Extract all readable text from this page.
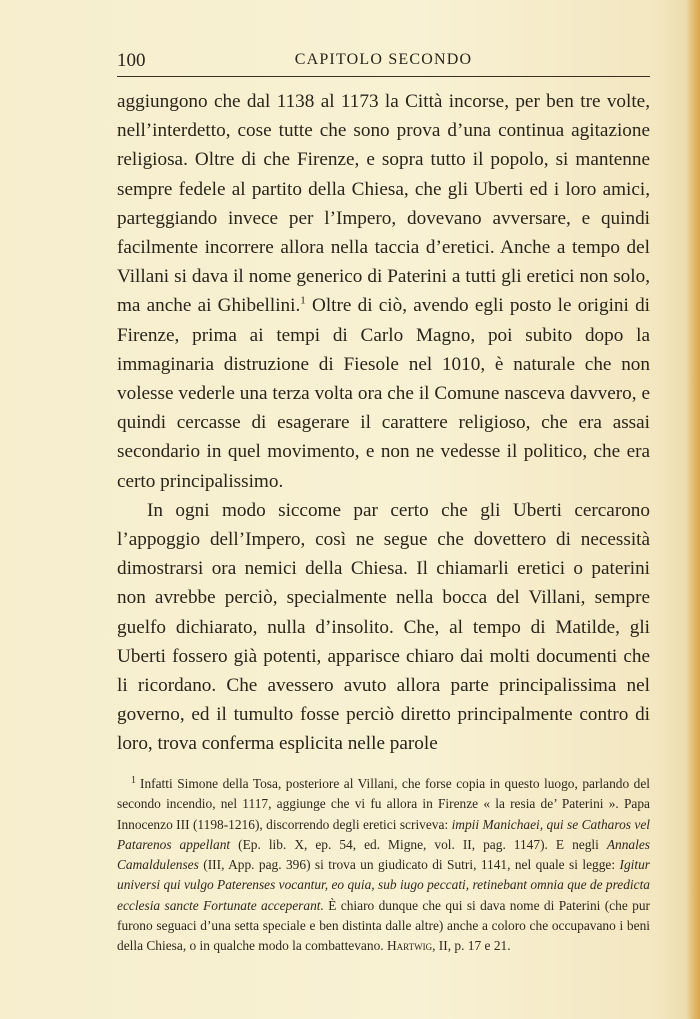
100	CAPITOLO SECONDO

aggiungono che dal 1138 al 1173 la Città incorse, per ben tre volte, nell’interdetto, cose tutte che sono prova d’una continua agitazione religiosa. Oltre di che Firenze, e sopra tutto il popolo, si mantenne sempre fedele al partito della Chiesa, che gli Uberti ed i loro amici, parteggiando invece per l’Impero, dovevano avversare, e quindi facilmente incorrere allora nella taccia d’eretici. Anche a tempo del Villani si dava il nome generico di Paterini a tutti gli eretici non solo, ma anche ai Ghibellini.$^1$ Oltre di ciò, avendo egli posto le origini di Firenze, prima ai tempi di Carlo Magno, poi subito dopo la immaginaria distruzione di Fiesole nel 1010, è naturale che non volesse vederle una terza volta ora che il Comune nasceva davvero, e quindi cercasse di esagerare il carattere religioso, che era assai secondario in quel movimento, e non ne vedesse il politico, che era certo principalissimo.

In ogni modo siccome par certo che gli Uberti cercarono l’appoggio dell’Impero, così ne segue che dovettero di necessità dimostrarsi ora nemici della Chiesa. Il chiamarli eretici o paterini non avrebbe perciò, specialmente nella bocca del Villani, sempre guelfo dichiarato, nulla d’insolito. Che, al tempo di Matilde, gli Uberti fossero già potenti, apparisce chiaro dai molti documenti che li ricordano. Che avessero avuto allora parte principalissima nel governo, ed il tumulto fosse perciò diretto principalmente contro di loro, trova conferma esplicita nelle parole

$^1$ Infatti Simone della Tosa, posteriore al Villani, che forse copia in questo luogo, parlando del secondo incendio, nel 1117, aggiunge che vi fu allora in Firenze « la resia de’ Paterini ». Papa Innocenzo III (1198-1216), discorrendo degli eretici scriveva: impii Manichaei, qui se Catharos vel Patarenos appellant (Ep. lib. X, ep. 54, ed. Migne, vol. II, pag. 1147). E negli Annales Camaldulenses (III, App. pag. 396) si trova un giudicato di Sutri, 1141, nel quale si legge: Igitur universi qui vulgo Paterenses vocantur, eo quia, sub iugo peccati, retinebant omnia que de predicta ecclesia sancte Fortunate acceperant. È chiaro dunque che qui si dava nome di Paterini (che pur furono seguaci d’una setta speciale e ben distinta dalle altre) anche a coloro che occupavano i beni della Chiesa, o in qualche modo la combattevano. Hartwig, II, p. 17 e 21.
